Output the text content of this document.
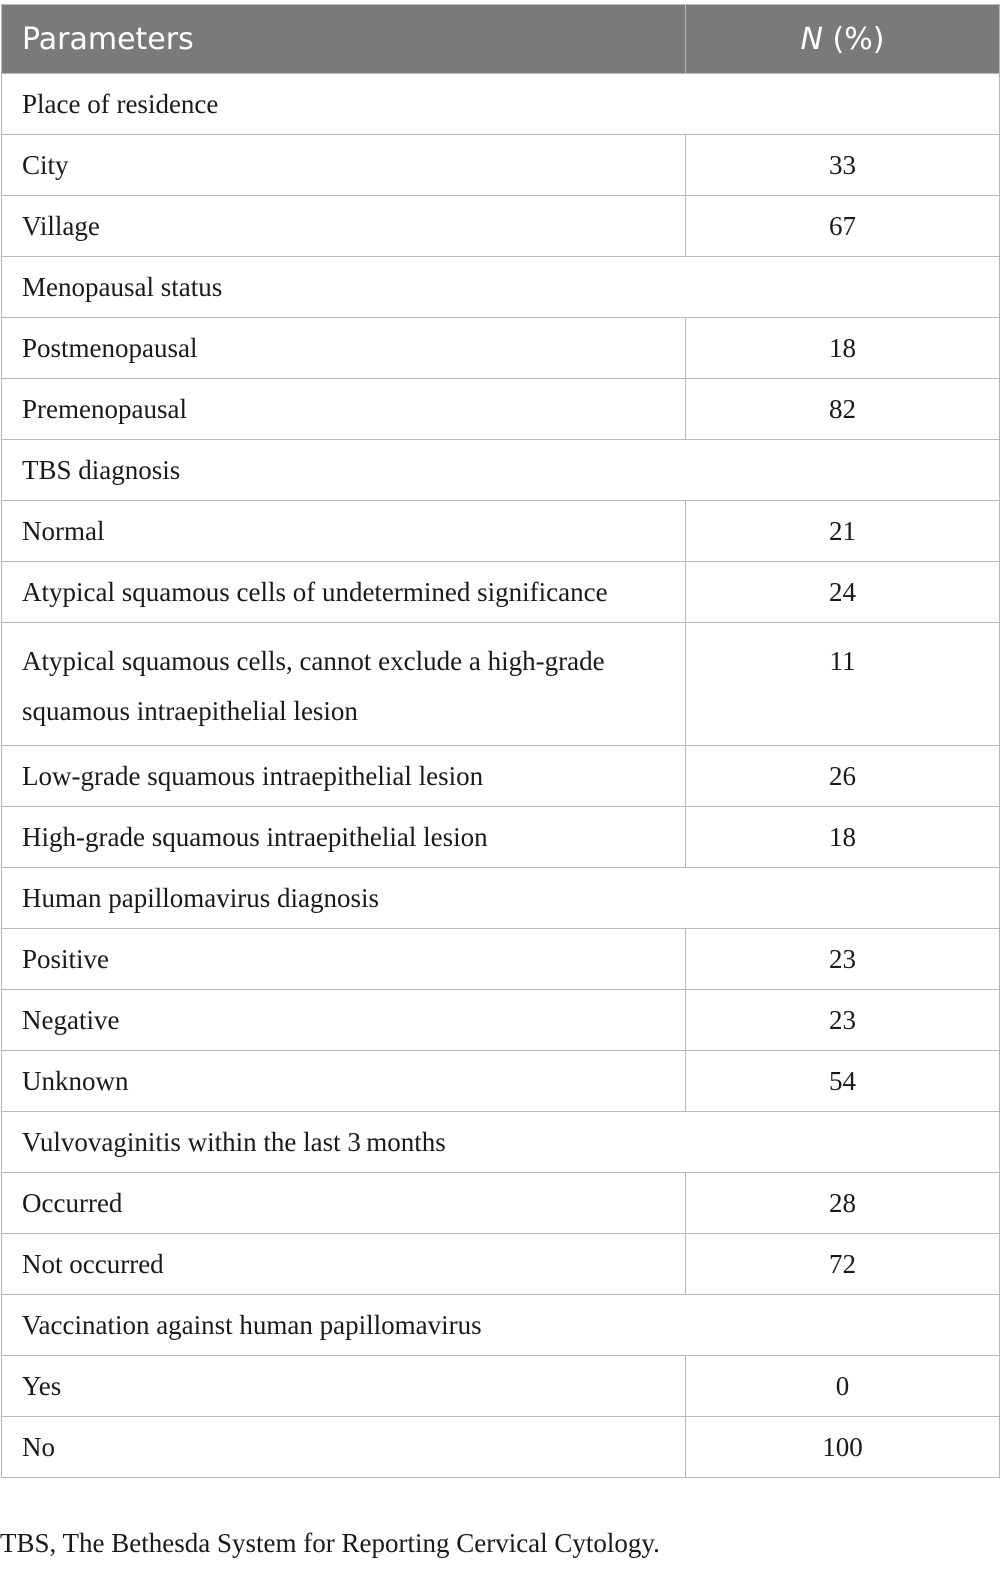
Parameters	N (%)
Place of residence	
City	33
Village	67
Menopausal status	
Postmenopausal	18
Premenopausal	82
TBS diagnosis	
Normal	21
Atypical squamous cells of undetermined significance	24
Atypical squamous cells, cannot exclude a high-grade squamous intraepithelial lesion	11
Low-grade squamous intraepithelial lesion	26
High-grade squamous intraepithelial lesion	18
Human papillomavirus diagnosis	
Positive	23
Negative	23
Unknown	54
Vulvovaginitis within the last 3 months	
Occurred	28
Not occurred	72
Vaccination against human papillomavirus	
Yes	0
No	100
TBS, The Bethesda System for Reporting Cervical Cytology.
